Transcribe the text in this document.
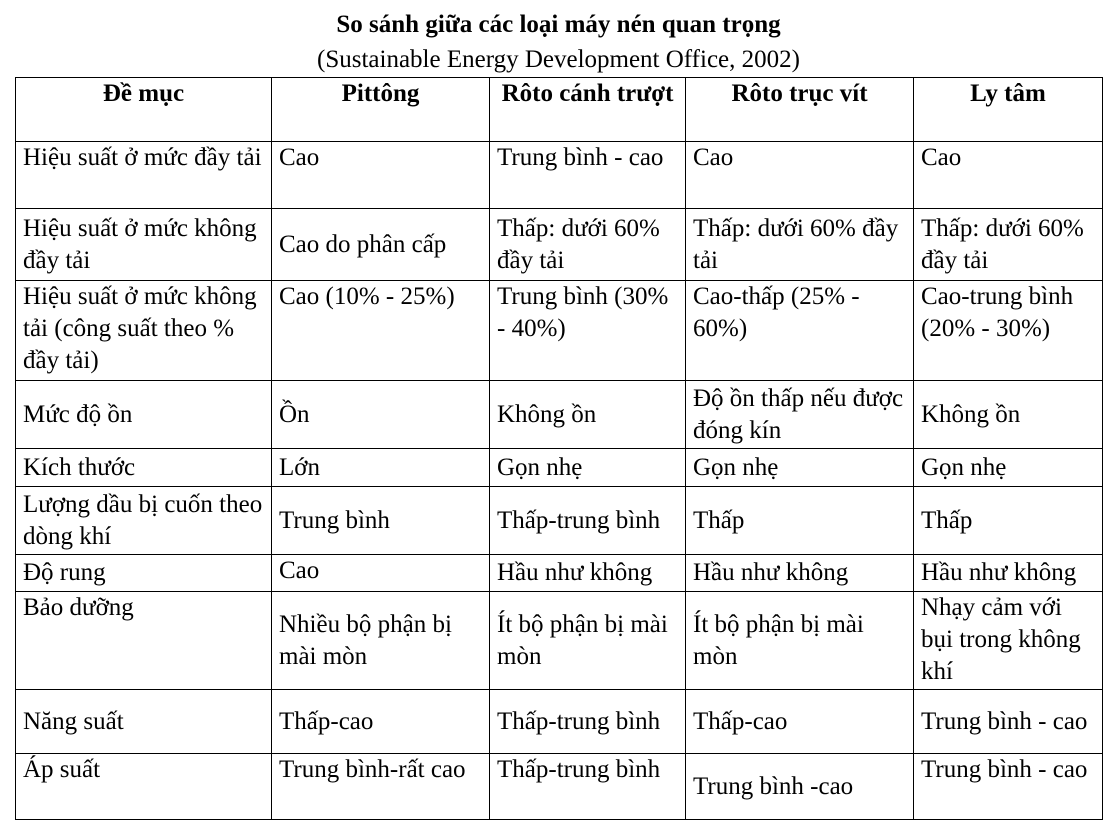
So sánh giữa các loại máy nén quan trọng
(Sustainable Energy Development Office, 2002)
Đề mục	Pittông	Rôto cánh trượt	Rôto trục vít	Ly tâm
Hiệu suất ở mức đầy tải	Cao	Trung bình - cao	Cao	Cao
Hiệu suất ở mức không đầy tải	Cao do phân cấp	Thấp: dưới 60% đầy tải	Thấp: dưới 60% đầy tải	Thấp: dưới 60% đầy tải
Hiệu suất ở mức không tải (công suất theo % đầy tải)	Cao (10% - 25%)	Trung bình (30% - 40%)	Cao-thấp (25% - 60%)	Cao-trung bình (20% - 30%)
Mức độ ồn	Ồn	Không ồn	Độ ồn thấp nếu được đóng kín	Không ồn
Kích thước	Lớn	Gọn nhẹ	Gọn nhẹ	Gọn nhẹ
Lượng dầu bị cuốn theo dòng khí	Trung bình	Thấp-trung bình	Thấp	Thấp
Độ rung	Cao	Hầu như không	Hầu như không	Hầu như không
Bảo dưỡng	Nhiều bộ phận bị mài mòn	Ít bộ phận bị mài mòn	Ít bộ phận bị mài mòn	Nhạy cảm với bụi trong không khí
Năng suất	Thấp-cao	Thấp-trung bình	Thấp-cao	Trung bình - cao
Áp suất	Trung bình-rất cao	Thấp-trung bình	Trung bình -cao	Trung bình - cao
